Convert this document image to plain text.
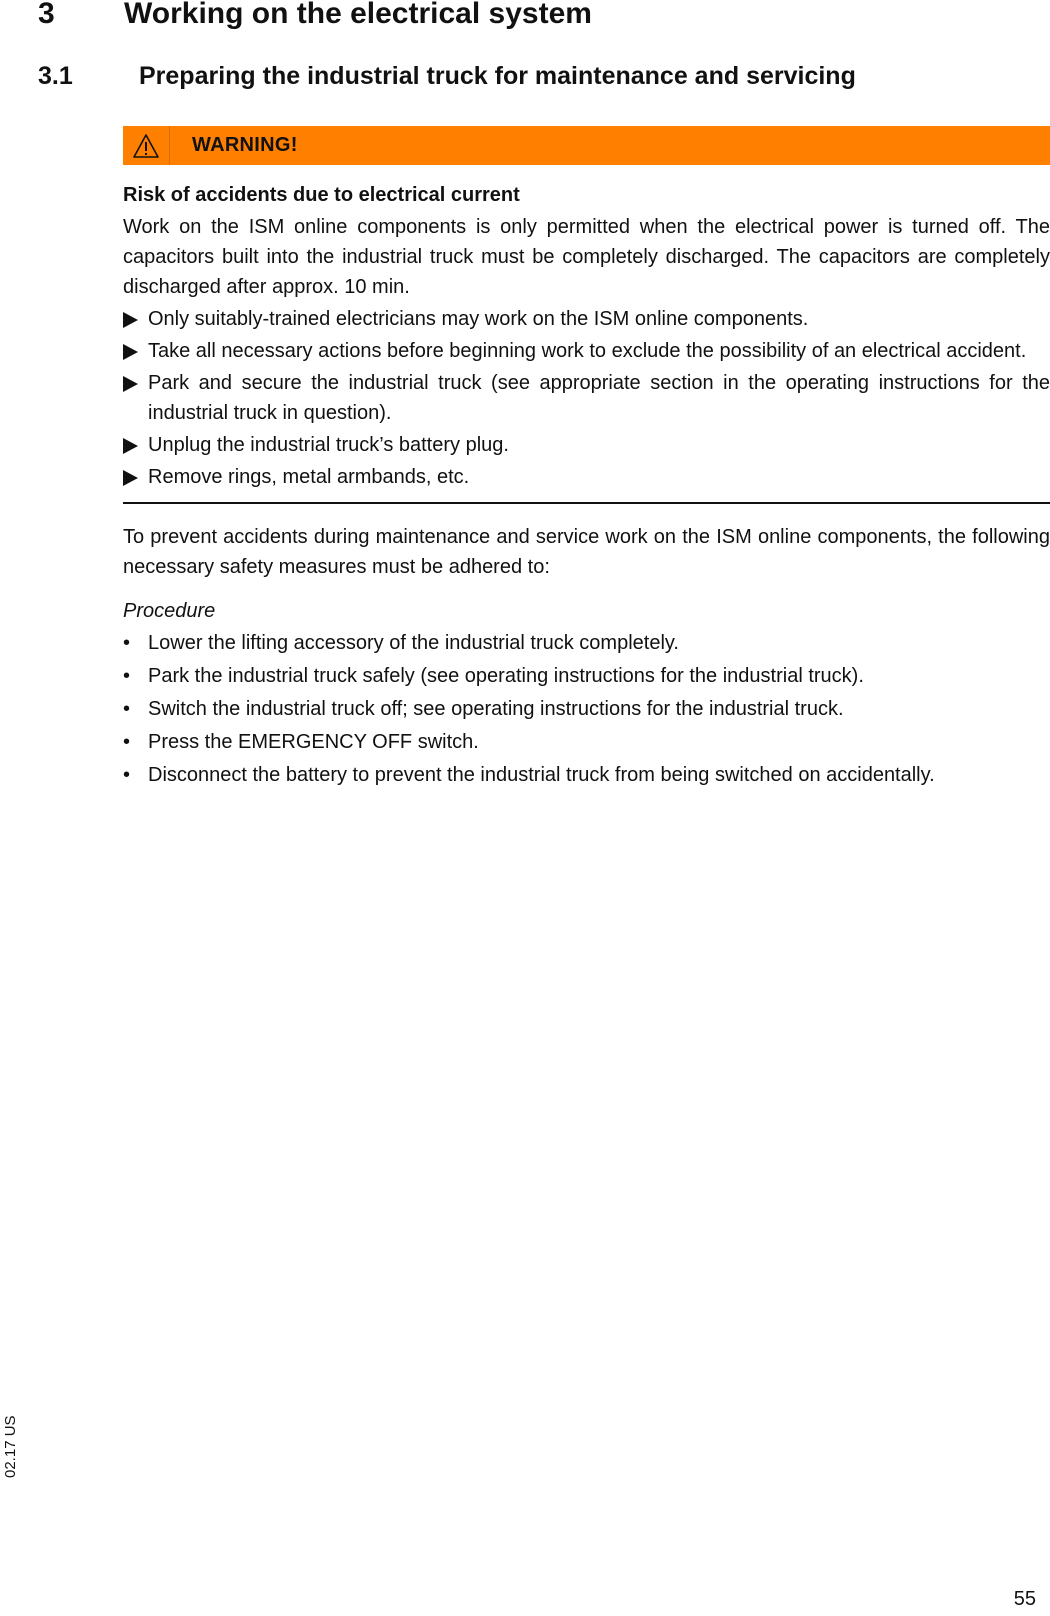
3 Working on the electrical system
3.1	Preparing the industrial truck for maintenance and servicing
WARNING!

Risk of accidents due to electrical current

Work on the ISM online components is only permitted when the electrical power is turned off. The capacitors built into the industrial truck must be completely discharged. The capacitors are completely discharged after approx. 10 min.

Only suitably-trained electricians may work on the ISM online components.
Take all necessary actions before beginning work to exclude the possibility of an electrical accident.
Park and secure the industrial truck (see appropriate section in the operating instructions for the industrial truck in question).
Unplug the industrial truck’s battery plug.
Remove rings, metal armbands, etc.

To prevent accidents during maintenance and service work on the ISM online components, the following necessary safety measures must be adhered to:

Procedure

• Lower the lifting accessory of the industrial truck completely.
• Park the industrial truck safely (see operating instructions for the industrial truck).
• Switch the industrial truck off; see operating instructions for the industrial truck.
• Press the EMERGENCY OFF switch.
• Disconnect the battery to prevent the industrial truck from being switched on accidentally.
02.17 US
55
